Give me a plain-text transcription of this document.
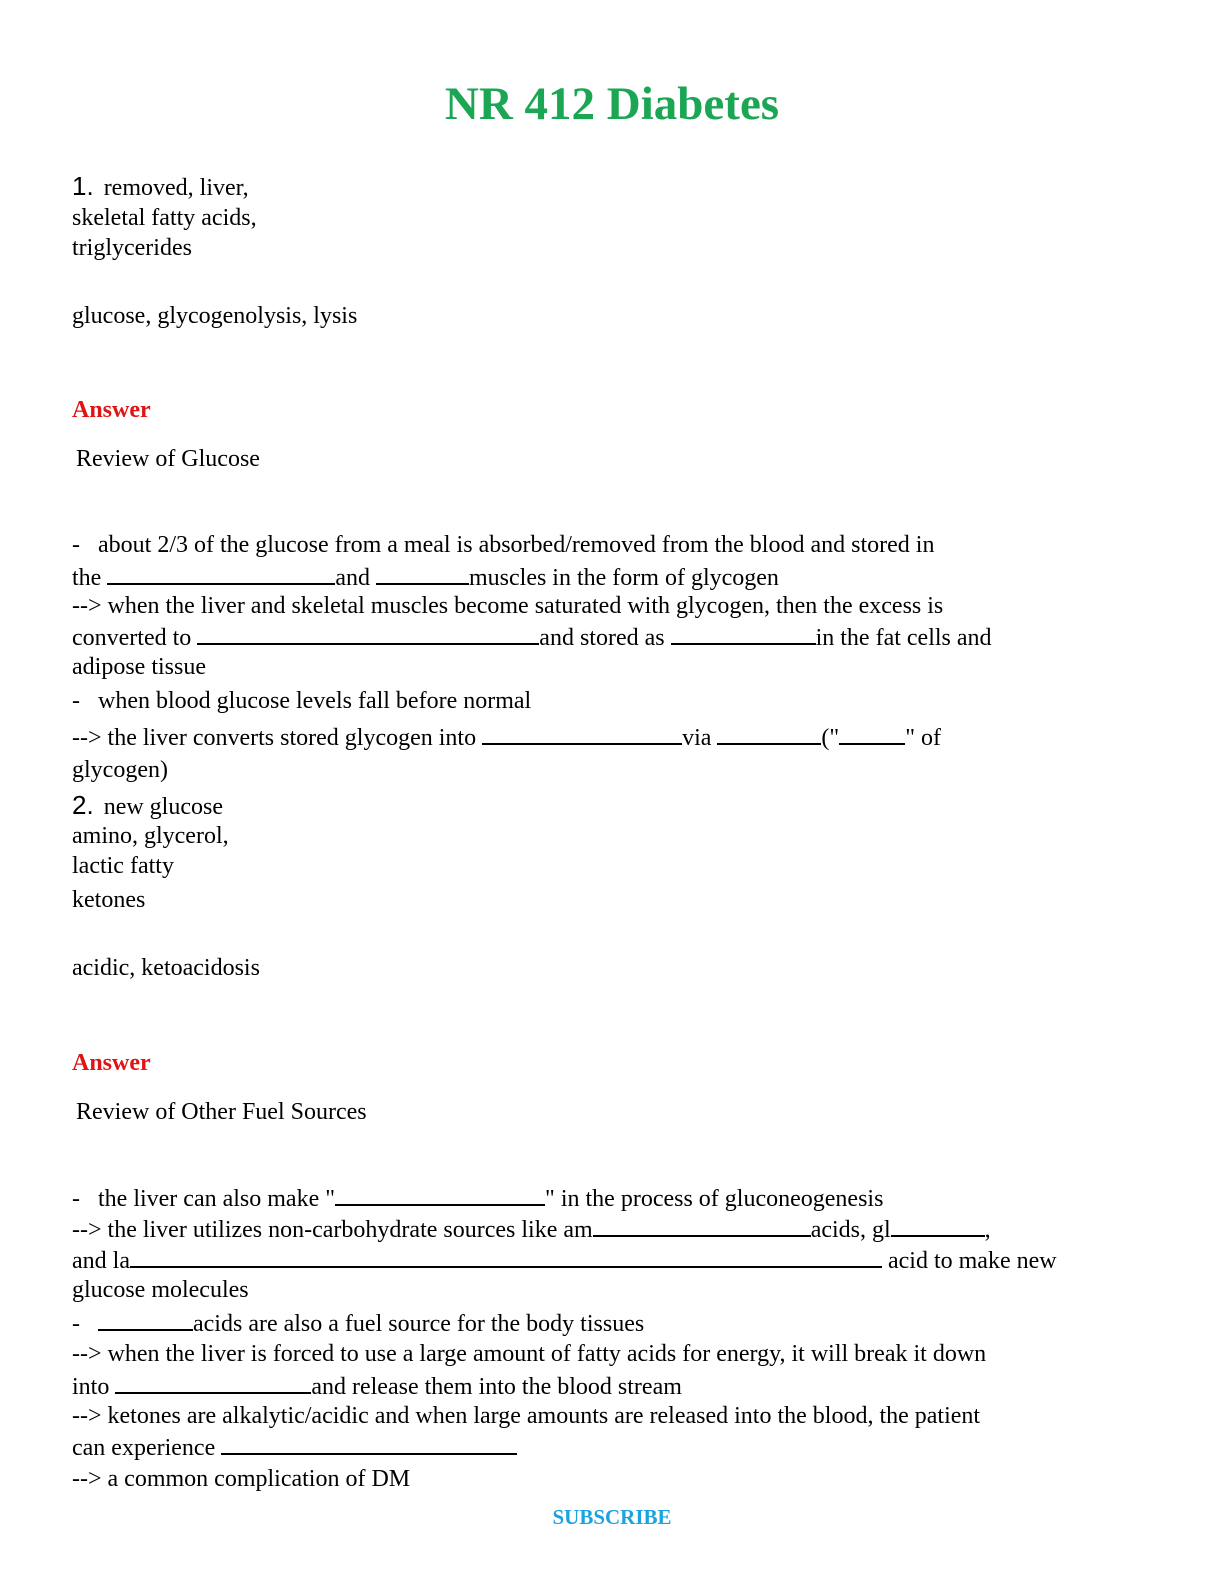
NR 412 Diabetes
1. removed, liver,
skeletal fatty acids,
triglycerides
glucose, glycogenolysis, lysis
Answer
Review of Glucose
- about 2/3 of the glucose from a meal is absorbed/removed from the blood and stored in
the	and	muscles in the form of glycogen
--> when the liver and skeletal muscles become saturated with glycogen, then the excess is
converted to	and stored as	in the fat cells and
adipose tissue
- when blood glucose levels fall before normal
--> the liver converts stored glycogen into	via	("	" of
glycogen)
2. new glucose
amino, glycerol,
lactic fatty
ketones
acidic, ketoacidosis
Answer
Review of Other Fuel Sources
- the liver can also make "	" in the process of gluconeogenesis
--> the liver utilizes non-carbohydrate sources like am	acids, gl	,
and la	acid to make new
glucose molecules
-	acids are also a fuel source for the body tissues
--> when the liver is forced to use a large amount of fatty acids for energy, it will break it down
into	and release them into the blood stream
--> ketones are alkalytic/acidic and when large amounts are released into the blood, the patient
can experience
--> a common complication of DM
SUBSCRIBE
